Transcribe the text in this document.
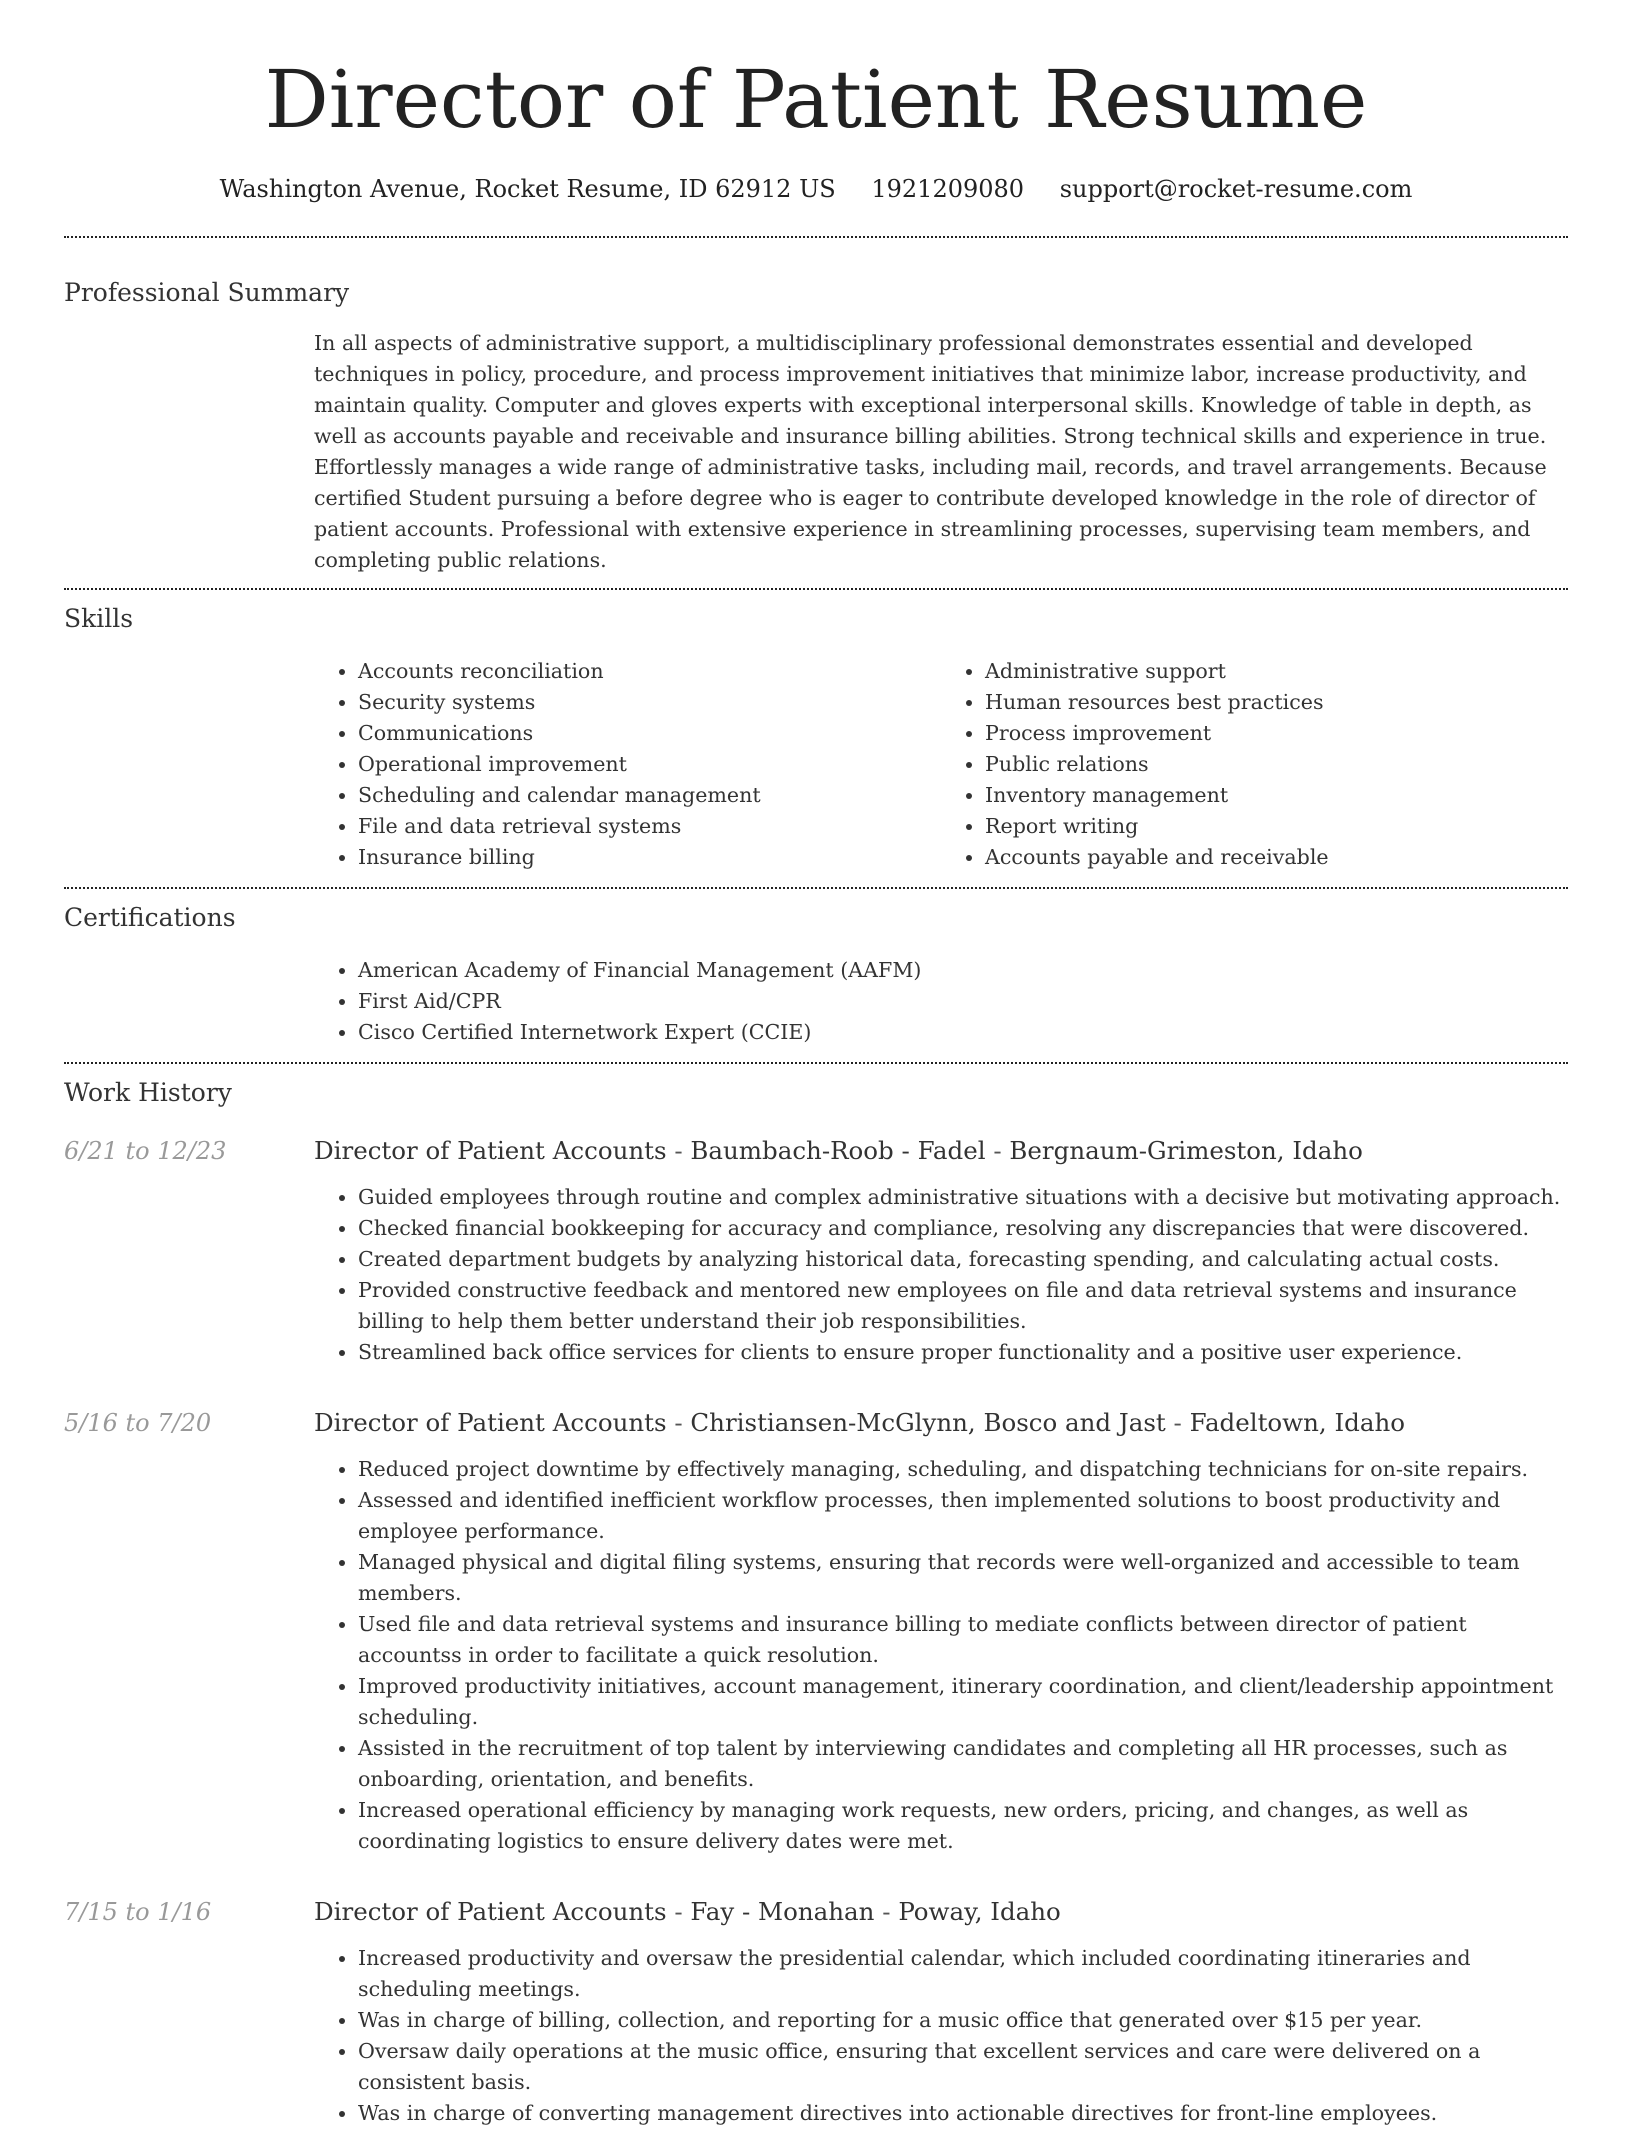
Director of Patient Resume
Washington Avenue, Rocket Resume, ID 62912 US 1921209080 support@rocket-resume.com
Professional Summary
In all aspects of administrative support, a multidisciplinary professional demonstrates essential and developed techniques in policy, procedure, and process improvement initiatives that minimize labor, increase productivity, and maintain quality. Computer and gloves experts with exceptional interpersonal skills. Knowledge of table in depth, as well as accounts payable and receivable and insurance billing abilities. Strong technical skills and experience in true. Effortlessly manages a wide range of administrative tasks, including mail, records, and travel arrangements. Because certified Student pursuing a before degree who is eager to contribute developed knowledge in the role of director of patient accounts. Professional with extensive experience in streamlining processes, supervising team members, and completing public relations.
Skills
• Accounts reconciliation
• Security systems
• Communications
• Operational improvement
• Scheduling and calendar management
• File and data retrieval systems
• Insurance billing
• Administrative support
• Human resources best practices
• Process improvement
• Public relations
• Inventory management
• Report writing
• Accounts payable and receivable
Certifications
• American Academy of Financial Management (AAFM)
• First Aid/CPR
• Cisco Certified Internetwork Expert (CCIE)
Work History
6/21 to 12/23	Director of Patient Accounts - Baumbach-Roob - Fadel - Bergnaum-Grimeston, Idaho
• Guided employees through routine and complex administrative situations with a decisive but motivating approach.
• Checked financial bookkeeping for accuracy and compliance, resolving any discrepancies that were discovered.
• Created department budgets by analyzing historical data, forecasting spending, and calculating actual costs.
• Provided constructive feedback and mentored new employees on file and data retrieval systems and insurance billing to help them better understand their job responsibilities.
• Streamlined back office services for clients to ensure proper functionality and a positive user experience.
5/16 to 7/20	Director of Patient Accounts - Christiansen-McGlynn, Bosco and Jast - Fadeltown, Idaho
• Reduced project downtime by effectively managing, scheduling, and dispatching technicians for on-site repairs.
• Assessed and identified inefficient workflow processes, then implemented solutions to boost productivity and employee performance.
• Managed physical and digital filing systems, ensuring that records were well-organized and accessible to team members.
• Used file and data retrieval systems and insurance billing to mediate conflicts between director of patient accountss in order to facilitate a quick resolution.
• Improved productivity initiatives, account management, itinerary coordination, and client/leadership appointment scheduling.
• Assisted in the recruitment of top talent by interviewing candidates and completing all HR processes, such as onboarding, orientation, and benefits.
• Increased operational efficiency by managing work requests, new orders, pricing, and changes, as well as coordinating logistics to ensure delivery dates were met.
7/15 to 1/16	Director of Patient Accounts - Fay - Monahan - Poway, Idaho
• Increased productivity and oversaw the presidential calendar, which included coordinating itineraries and scheduling meetings.
• Was in charge of billing, collection, and reporting for a music office that generated over $15 per year.
• Oversaw daily operations at the music office, ensuring that excellent services and care were delivered on a consistent basis.
• Was in charge of converting management directives into actionable directives for front-line employees.
